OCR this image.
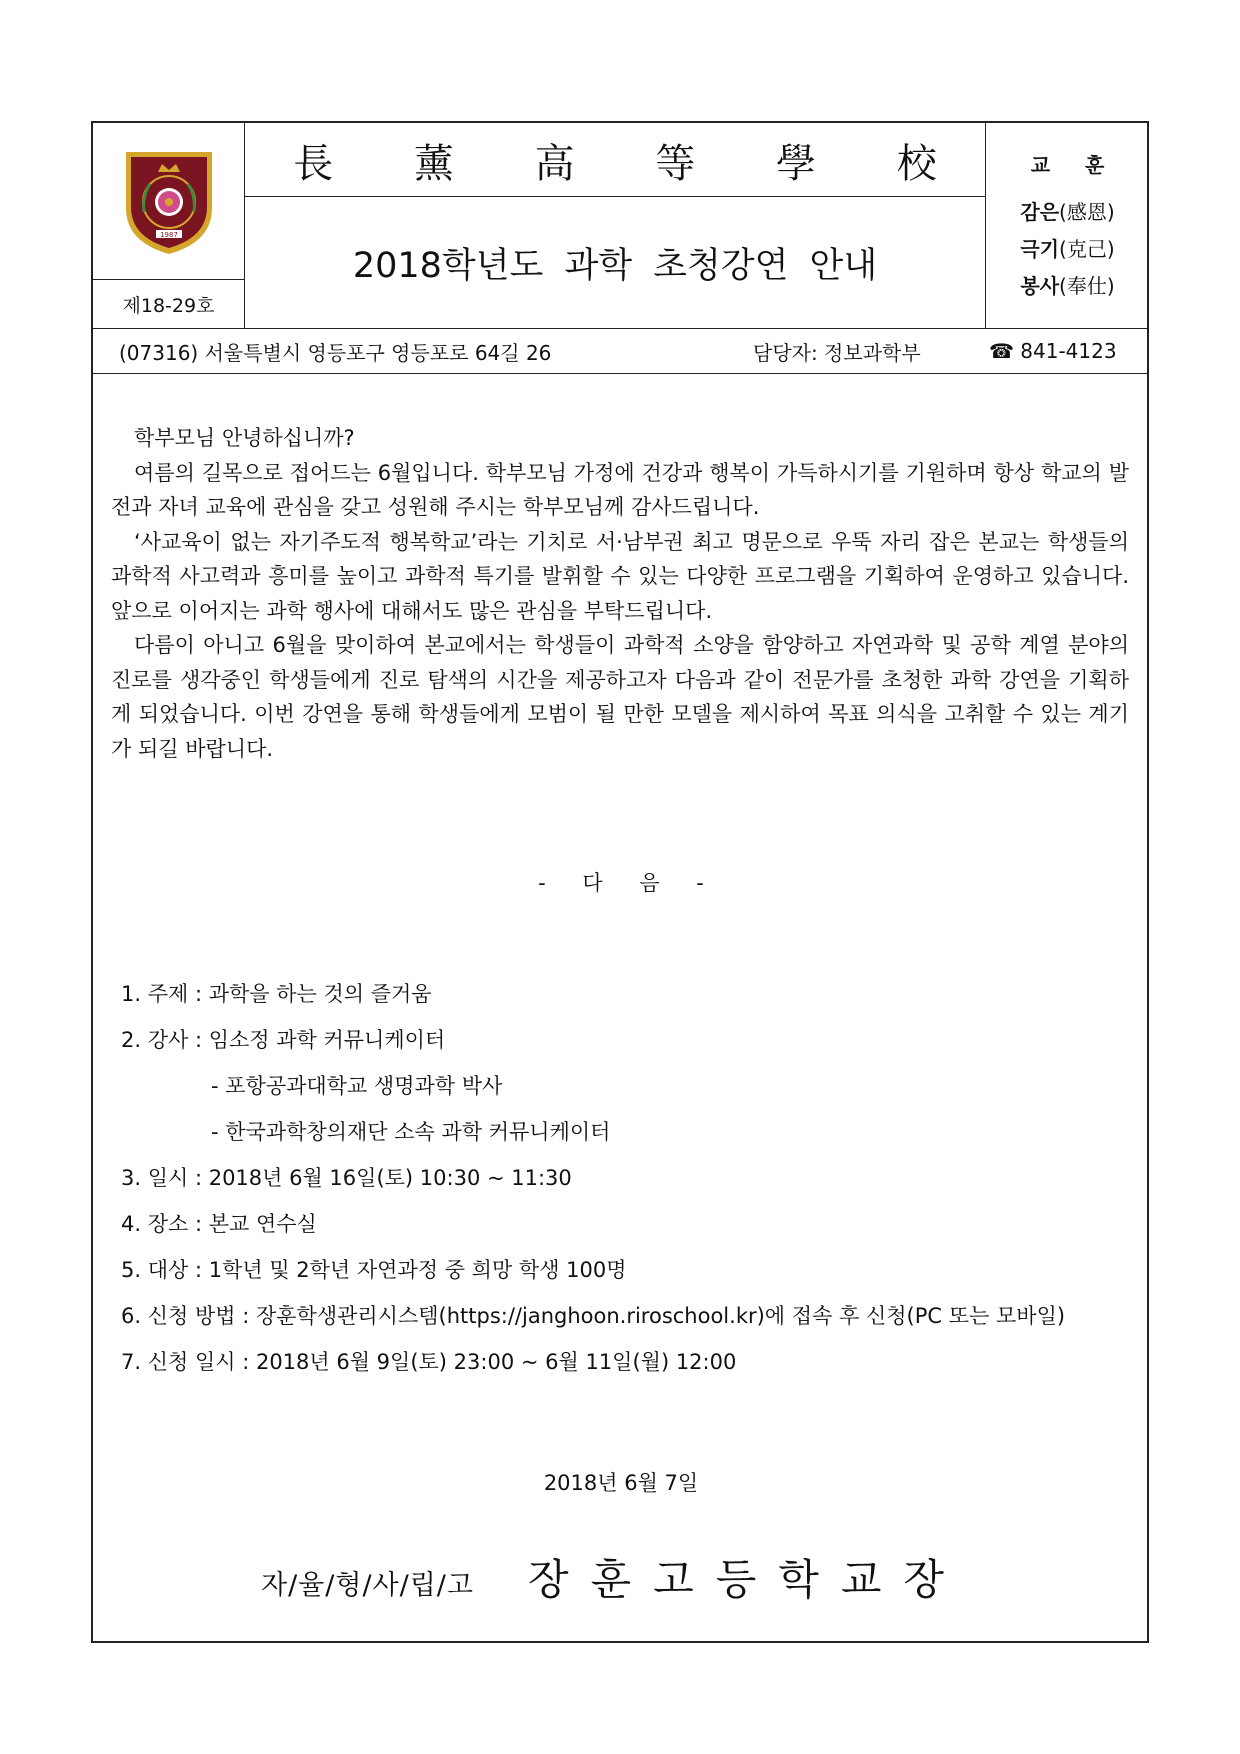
1987
제18-29호
長 薰 高 等 學 校
2018학년도 과학 초청강연 안내
교 훈
감은(感恩)
극기(克己)
봉사(奉仕)
(07316) 서울특별시 영등포구 영등포로 64길 26	담당자: 정보과학부	☎ 841-4123

학부모님 안녕하십니까?

여름의 길목으로 접어드는 6월입니다. 학부모님 가정에 건강과 행복이 가득하시기를 기원하며 항상 학교의 발전과 자녀 교육에 관심을 갖고 성원해 주시는 학부모님께 감사드립니다.

‘사교육이 없는 자기주도적 행복학교’라는 기치로 서·남부권 최고 명문으로 우뚝 자리 잡은 본교는 학생들의 과학적 사고력과 흥미를 높이고 과학적 특기를 발휘할 수 있는 다양한 프로그램을 기획하여 운영하고 있습니다. 앞으로 이어지는 과학 행사에 대해서도 많은 관심을 부탁드립니다.

다름이 아니고 6월을 맞이하여 본교에서는 학생들이 과학적 소양을 함양하고 자연과학 및 공학 계열 분야의 진로를 생각중인 학생들에게 진로 탐색의 시간을 제공하고자 다음과 같이 전문가를 초청한 과학 강연을 기획하게 되었습니다. 이번 강연을 통해 학생들에게 모범이 될 만한 모델을 제시하여 목표 의식을 고취할 수 있는 계기가 되길 바랍니다.

- 다 음 -
1. 주제 : 과학을 하는 것의 즐거움
2. 강사 : 임소정 과학 커뮤니케이터
- 포항공과대학교 생명과학 박사
- 한국과학창의재단 소속 과학 커뮤니케이터
3. 일시 : 2018년 6월 16일(토) 10:30 ~ 11:30
4. 장소 : 본교 연수실
5. 대상 : 1학년 및 2학년 자연과정 중 희망 학생 100명
6. 신청 방법 : 장훈학생관리시스템(https://janghoon.riroschool.kr)에 접속 후 신청(PC 또는 모바일)
7. 신청 일시 : 2018년 6월 9일(토) 23:00 ~ 6월 11일(월) 12:00
2018년 6월 7일
자/율/형/사/립/고 장훈고등학교장
